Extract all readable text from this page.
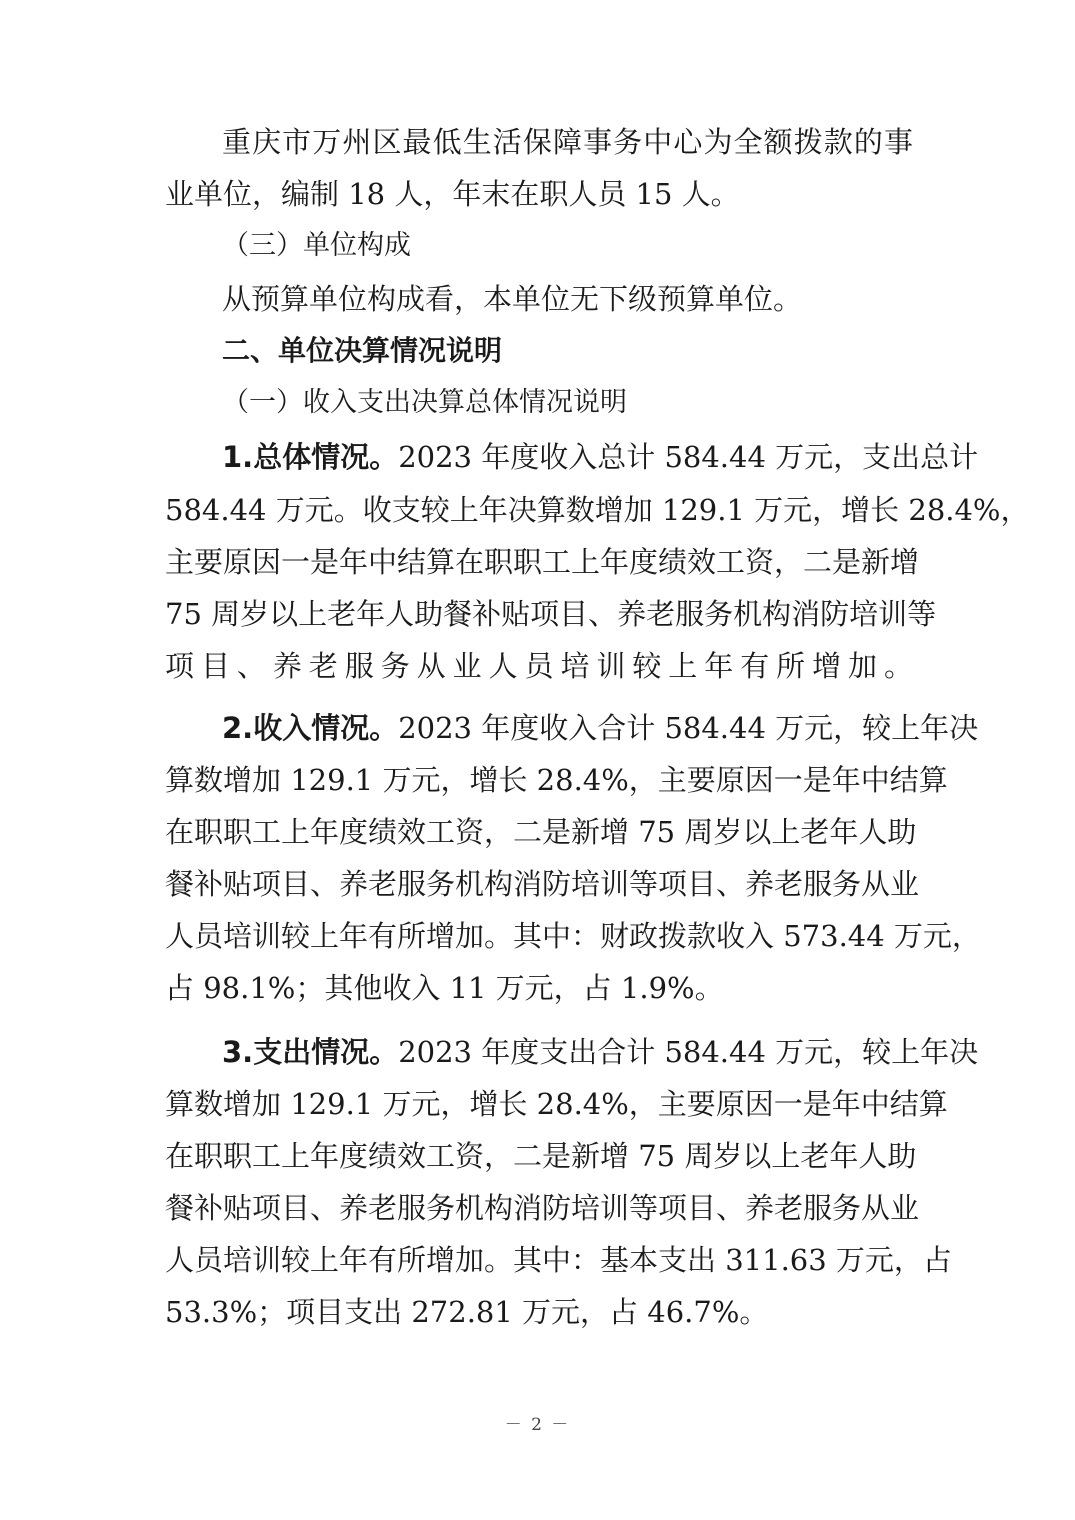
重庆市万州区最低生活保障事务中心为全额拨款的事
业单位，编制 18 人，年末在职人员 15 人。
（三）单位构成
从预算单位构成看，本单位无下级预算单位。
二、单位决算情况说明
（一）收入支出决算总体情况说明
1.总体情况。2023 年度收入总计 584.44 万元，支出总计
584.44 万元。收支较上年决算数增加 129.1 万元，增长 28.4%，
主要原因一是年中结算在职职工上年度绩效工资，二是新增
75 周岁以上老年人助餐补贴项目、养老服务机构消防培训等
项目、养老服务从业人员培训较上年有所增加。
2.收入情况。2023 年度收入合计 584.44 万元，较上年决
算数增加 129.1 万元，增长 28.4%，主要原因一是年中结算
在职职工上年度绩效工资，二是新增 75 周岁以上老年人助
餐补贴项目、养老服务机构消防培训等项目、养老服务从业
人员培训较上年有所增加。其中：财政拨款收入 573.44 万元，
占 98.1%；其他收入 11 万元，占 1.9%。
3.支出情况。2023 年度支出合计 584.44 万元，较上年决
算数增加 129.1 万元，增长 28.4%，主要原因一是年中结算
在职职工上年度绩效工资，二是新增 75 周岁以上老年人助
餐补贴项目、养老服务机构消防培训等项目、养老服务从业
人员培训较上年有所增加。其中：基本支出 311.63 万元，占
53.3%；项目支出 272.81 万元，占 46.7%。
－ 2 －
